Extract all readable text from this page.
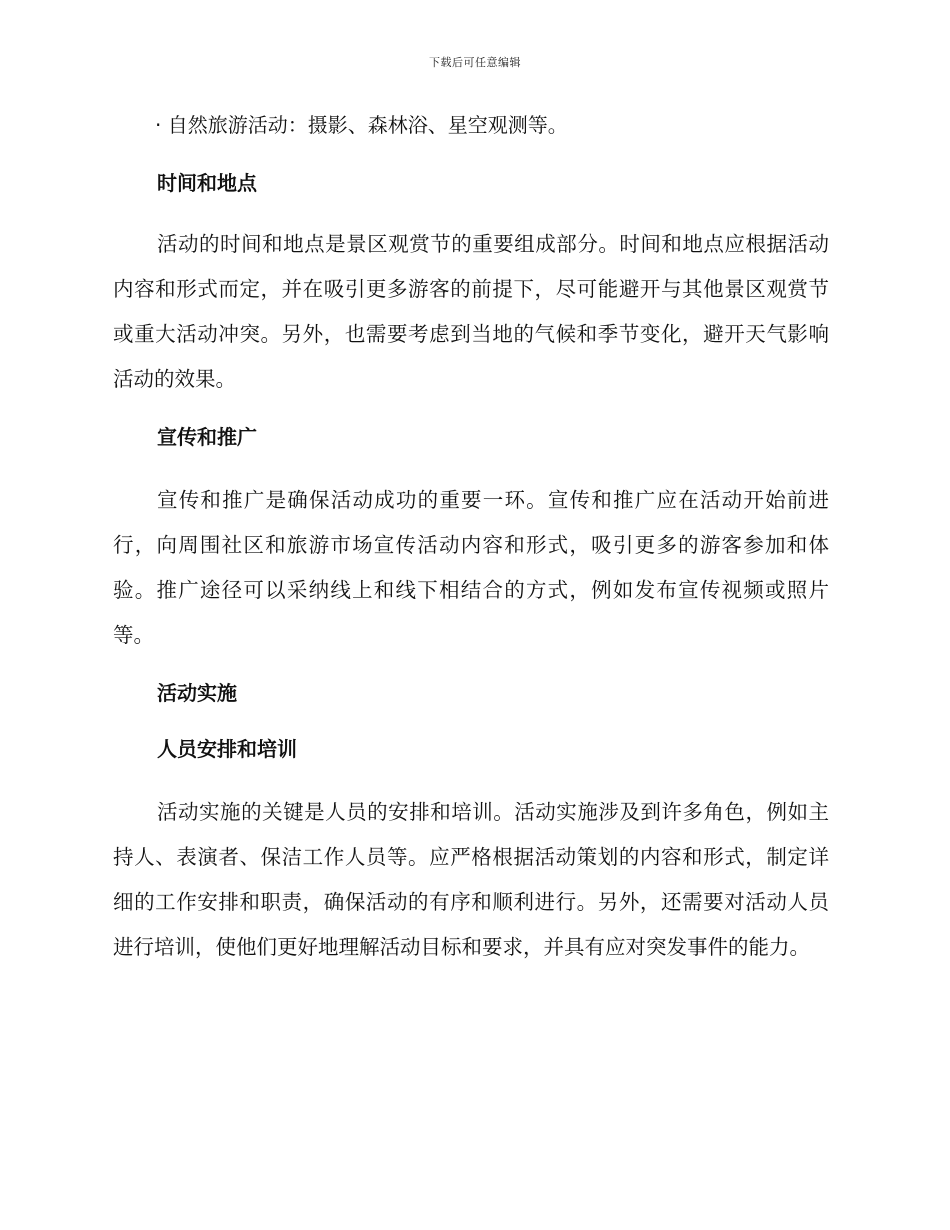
下载后可任意编辑

· 自然旅游活动：摄影、森林浴、星空观测等。

时间和地点

活动的时间和地点是景区观赏节的重要组成部分。时间和地点应根据活动内容和形式而定，并在吸引更多游客的前提下，尽可能避开与其他景区观赏节或重大活动冲突。另外，也需要考虑到当地的气候和季节变化，避开天气影响活动的效果。

宣传和推广

宣传和推广是确保活动成功的重要一环。宣传和推广应在活动开始前进行，向周围社区和旅游市场宣传活动内容和形式，吸引更多的游客参加和体验。推广途径可以采纳线上和线下相结合的方式，例如发布宣传视频或照片等。

活动实施
人员安排和培训

活动实施的关键是人员的安排和培训。活动实施涉及到许多角色，例如主持人、表演者、保洁工作人员等。应严格根据活动策划的内容和形式，制定详细的工作安排和职责，确保活动的有序和顺利进行。另外，还需要对活动人员进行培训，使他们更好地理解活动目标和要求，并具有应对突发事件的能力。
